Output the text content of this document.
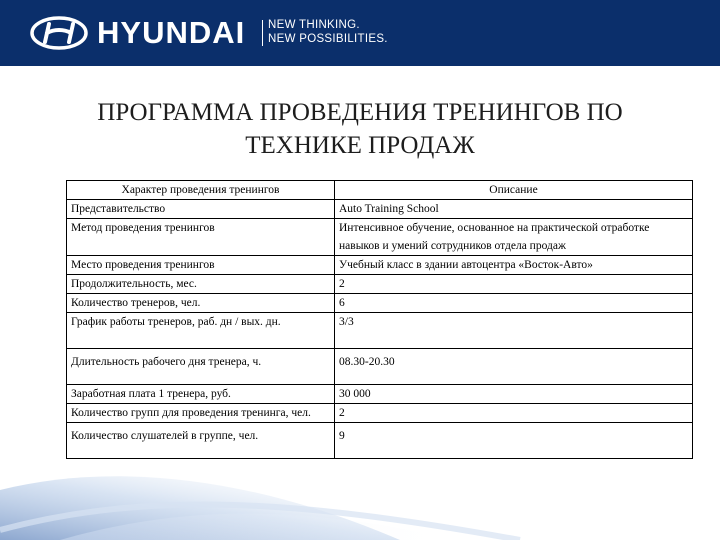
HYUNDAI NEW THINKING.
NEW POSSIBILITIES.
ПРОГРАММА ПРОВЕДЕНИЯ ТРЕНИНГОВ ПО
ТЕХНИКЕ ПРОДАЖ
Характер проведения тренингов	Описание
Представительство	Auto Training School
Метод проведения тренингов	Интенсивное обучение, основанное на практической отработке навыков и умений сотрудников отдела продаж
Место проведения тренингов	Учебный класс в здании автоцентра «Восток-Авто»
Продолжительность, мес.	2
Количество тренеров, чел.	6
График работы тренеров, раб. дн / вых. дн.	3/3
Длительность рабочего дня тренера, ч.	08.30-20.30
Заработная плата 1 тренера, руб.	30 000
Количество групп для проведения тренинга, чел.	2
Количество слушателей в группе, чел.	9
